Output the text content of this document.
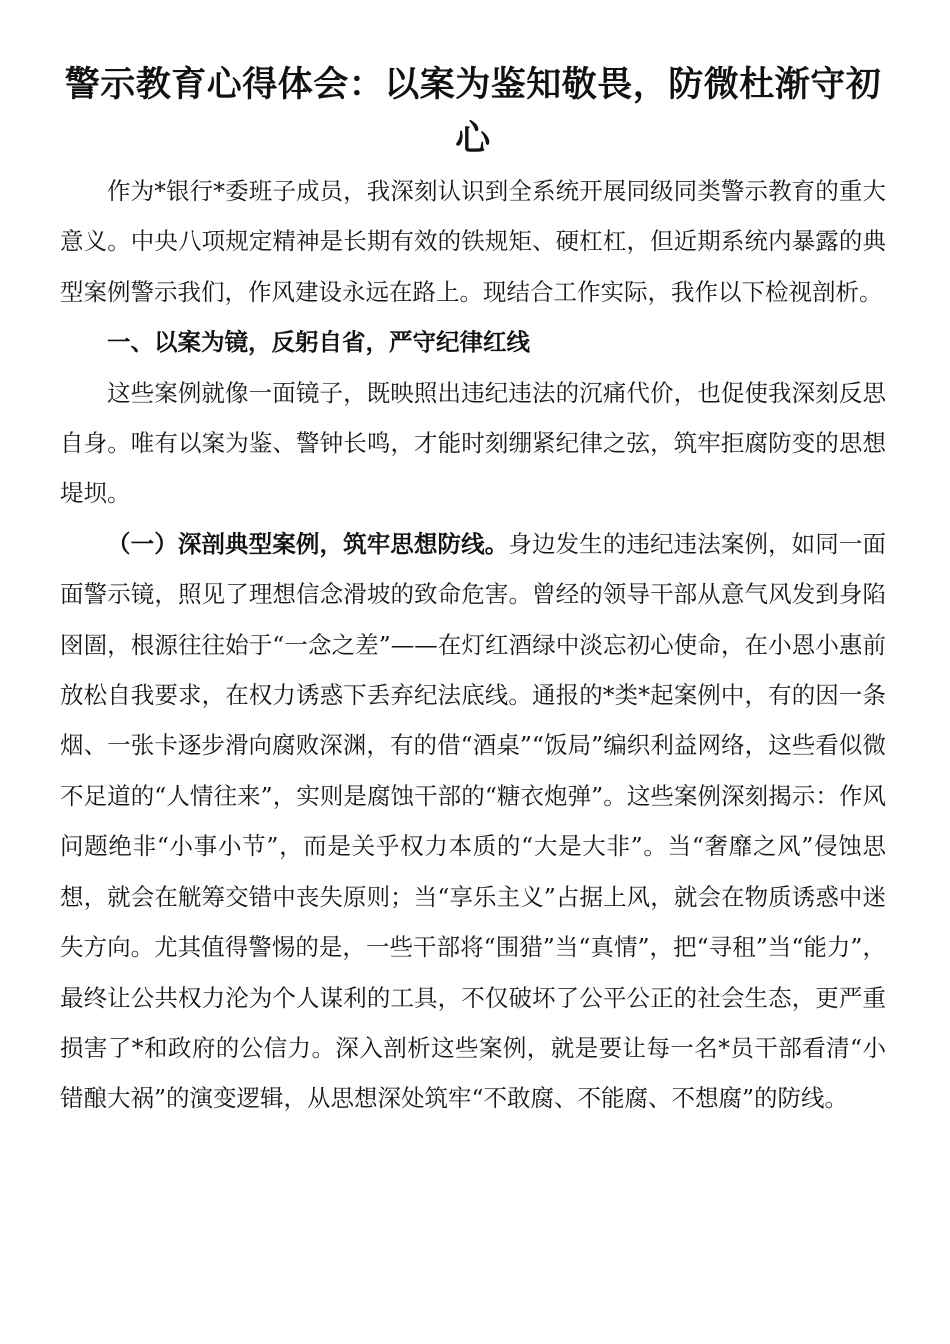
警示教育心得体会：以案为鉴知敬畏，防微杜渐守初心

作为*银行*委班子成员，我深刻认识到全系统开展同级同类警示教育的重大意义。中央八项规定精神是长期有效的铁规矩、硬杠杠，但近期系统内暴露的典型案例警示我们，作风建设永远在路上。现结合工作实际，我作以下检视剖析。

一、以案为镜，反躬自省，严守纪律红线

这些案例就像一面镜子，既映照出违纪违法的沉痛代价，也促使我深刻反思自身。唯有以案为鉴、警钟长鸣，才能时刻绷紧纪律之弦，筑牢拒腐防变的思想堤坝。

（一）深剖典型案例，筑牢思想防线。身边发生的违纪违法案例，如同一面面警示镜，照见了理想信念滑坡的致命危害。曾经的领导干部从意气风发到身陷囹圄，根源往往始于“一念之差”——在灯红酒绿中淡忘初心使命，在小恩小惠前放松自我要求，在权力诱惑下丢弃纪法底线。通报的*类*起案例中，有的因一条烟、一张卡逐步滑向腐败深渊，有的借“酒桌”“饭局”编织利益网络，这些看似微不足道的“人情往来”，实则是腐蚀干部的“糖衣炮弹”。这些案例深刻揭示：作风问题绝非“小事小节”，而是关乎权力本质的“大是大非”。当“奢靡之风”侵蚀思想，就会在觥筹交错中丧失原则；当“享乐主义”占据上风，就会在物质诱惑中迷失方向。尤其值得警惕的是，一些干部将“围猎”当“真情”，把“寻租”当“能力”，最终让公共权力沦为个人谋利的工具，不仅破坏了公平公正的社会生态，更严重损害了*和政府的公信力。深入剖析这些案例，就是要让每一名*员干部看清“小错酿大祸”的演变逻辑，从思想深处筑牢“不敢腐、不能腐、不想腐”的防线。
